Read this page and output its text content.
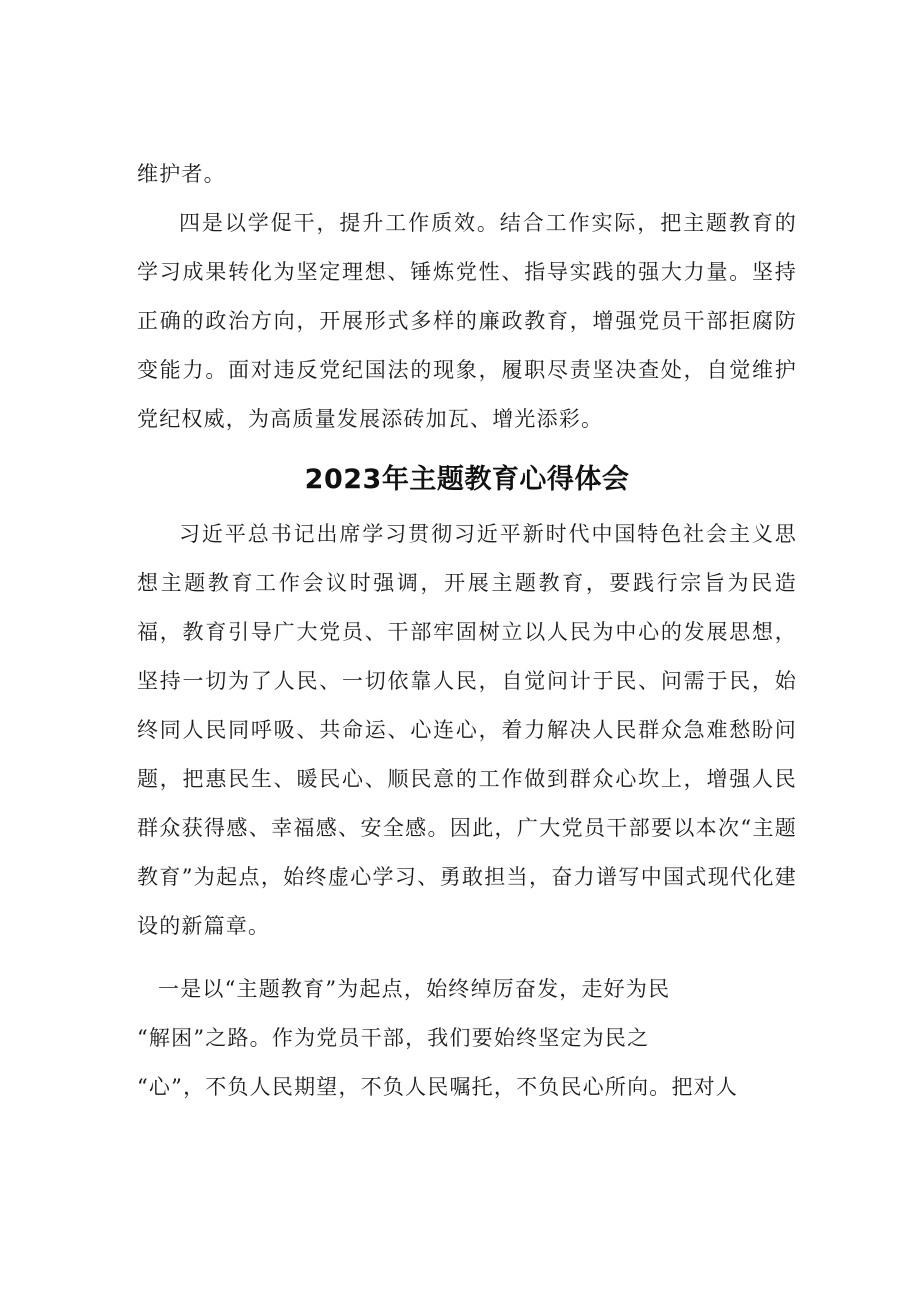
维护者。

四是以学促干，提升工作质效。结合工作实际，把主题教育的学习成果转化为坚定理想、锤炼党性、指导实践的强大力量。坚持正确的政治方向，开展形式多样的廉政教育，增强党员干部拒腐防变能力。面对违反党纪国法的现象，履职尽责坚决查处，自觉维护党纪权威，为高质量发展添砖加瓦、增光添彩。

2023年主题教育心得体会

习近平总书记出席学习贯彻习近平新时代中国特色社会主义思想主题教育工作会议时强调，开展主题教育，要践行宗旨为民造福，教育引导广大党员、干部牢固树立以人民为中心的发展思想，坚持一切为了人民、一切依靠人民，自觉问计于民、问需于民，始终同人民同呼吸、共命运、心连心，着力解决人民群众急难愁盼问题，把惠民生、暖民心、顺民意的工作做到群众心坎上，增强人民群众获得感、幸福感、安全感。因此，广大党员干部要以本次“主题教育”为起点，始终虚心学习、勇敢担当，奋力谱写中国式现代化建设的新篇章。

一是以“主题教育”为起点，始终绰厉奋发，走好为民

“解困”之路。作为党员干部，我们要始终坚定为民之

“心”，不负人民期望，不负人民嘱托，不负民心所向。把对人
